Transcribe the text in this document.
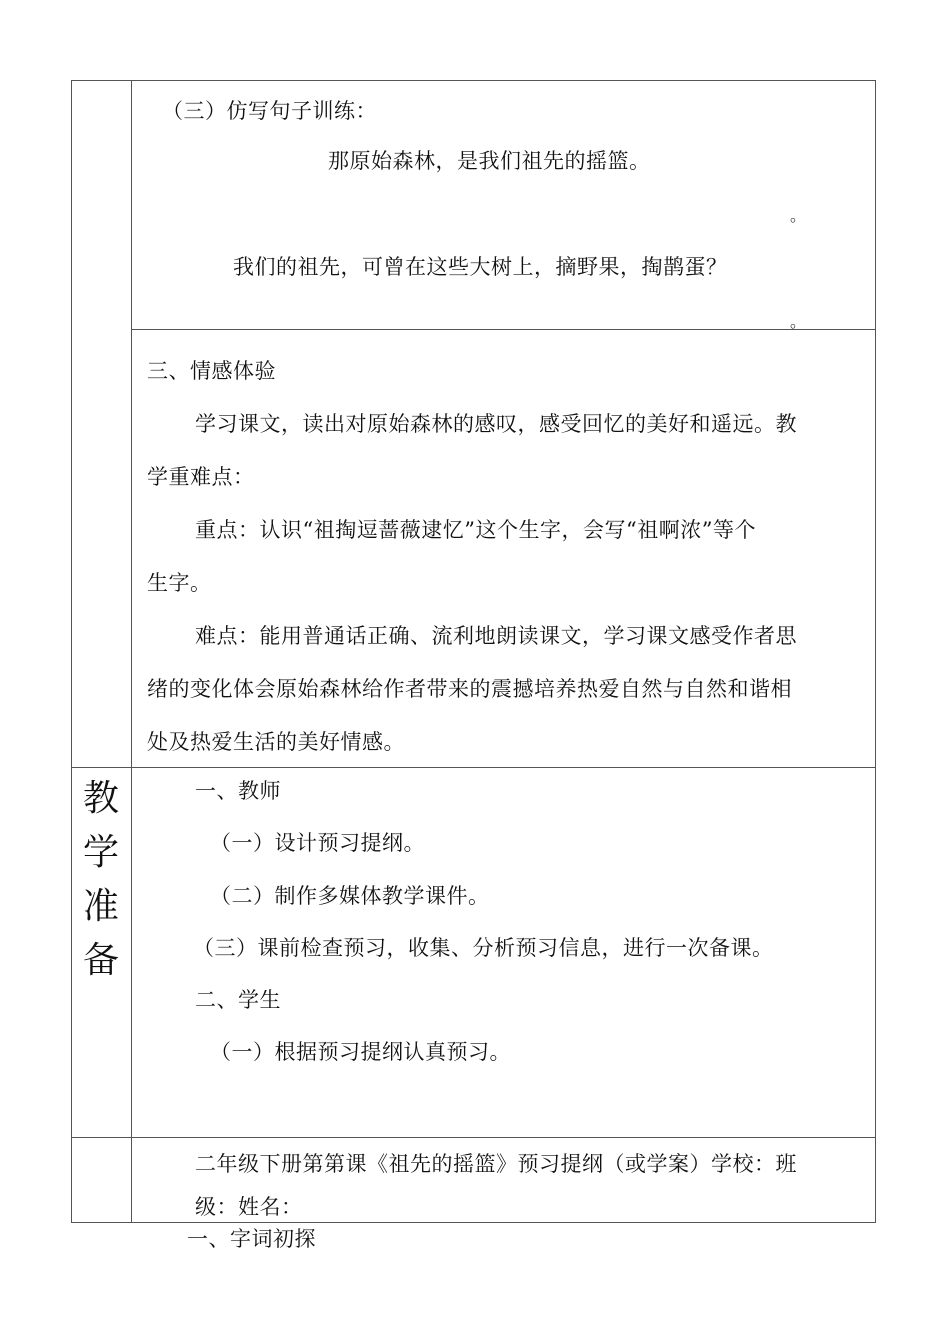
（三）仿写句子训练：
那原始森林，是我们祖先的摇篮。
。
我们的祖先，可曾在这些大树上，摘野果，掏鹊蛋？
。
三、情感体验
学习课文，读出对原始森林的感叹，感受回忆的美好和遥远。教
学重难点：
重点：认识“祖掏逗蔷薇逮忆”这个生字，会写“祖啊浓”等个
生字。
难点：能用普通话正确、流利地朗读课文，学习课文感受作者思
绪的变化体会原始森林给作者带来的震撼培养热爱自然与自然和谐相
处及热爱生活的美好情感。
教
学
准
备
一、教师
（一）设计预习提纲。
（二）制作多媒体教学课件。
（三）课前检查预习，收集、分析预习信息，进行一次备课。
二、学生
（一）根据预习提纲认真预习。
二年级下册第第课《祖先的摇篮》预习提纲（或学案）学校：班
级：姓名：
一、字词初探
